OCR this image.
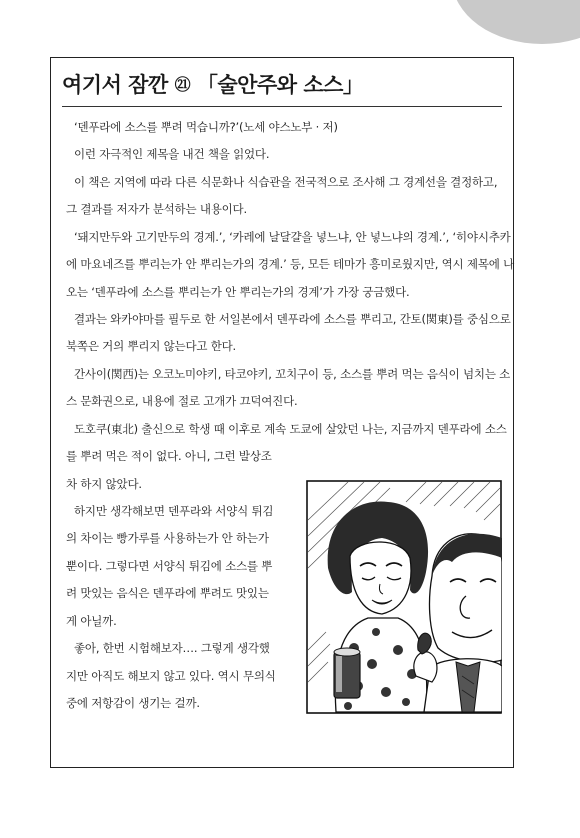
여기서 잠깐 ㉑ 「술안주와 소스」

‘덴푸라에 소스를 뿌려 먹습니까?’(노세 야스노부 · 저)

이런 자극적인 제목을 내건 책을 읽었다.

이 책은 지역에 따라 다른 식문화나 식습관을 전국적으로 조사해 그 경계선을 결정하고,

그 결과를 저자가 분석하는 내용이다.

‘돼지만두와 고기만두의 경계.’, ‘카레에 날달걀을 넣느냐, 안 넣느냐의 경계.’, ‘히야시추카

에 마요네즈를 뿌리는가 안 뿌리는가의 경계.’ 등, 모든 테마가 흥미로웠지만, 역시 제목에 나

오는 ‘덴푸라에 소스를 뿌리는가 안 뿌리는가의 경계’가 가장 궁금했다.

결과는 와카야마를 필두로 한 서일본에서 덴푸라에 소스를 뿌리고, 간토(関東)를 중심으로

북쪽은 거의 뿌리지 않는다고 한다.

간사이(関西)는 오코노미야키, 타코야키, 꼬치구이 등, 소스를 뿌려 먹는 음식이 넘치는 소

스 문화권으로, 내용에 절로 고개가 끄덕여진다.

도호쿠(東北) 출신으로 학생 때 이후로 계속 도쿄에 살았던 나는, 지금까지 덴푸라에 소스

를 뿌려 먹은 적이 없다. 아니, 그런 발상조

차 하지 않았다.

하지만 생각해보면 덴푸라와 서양식 튀김

의 차이는 빵가루를 사용하는가 안 하는가

뿐이다. 그렇다면 서양식 튀김에 소스를 뿌

려 맛있는 음식은 덴푸라에 뿌려도 맛있는

게 아닐까.

좋아, 한번 시험해보자…. 그렇게 생각했

지만 아직도 해보지 않고 있다. 역시 무의식

중에 저항감이 생기는 걸까.
